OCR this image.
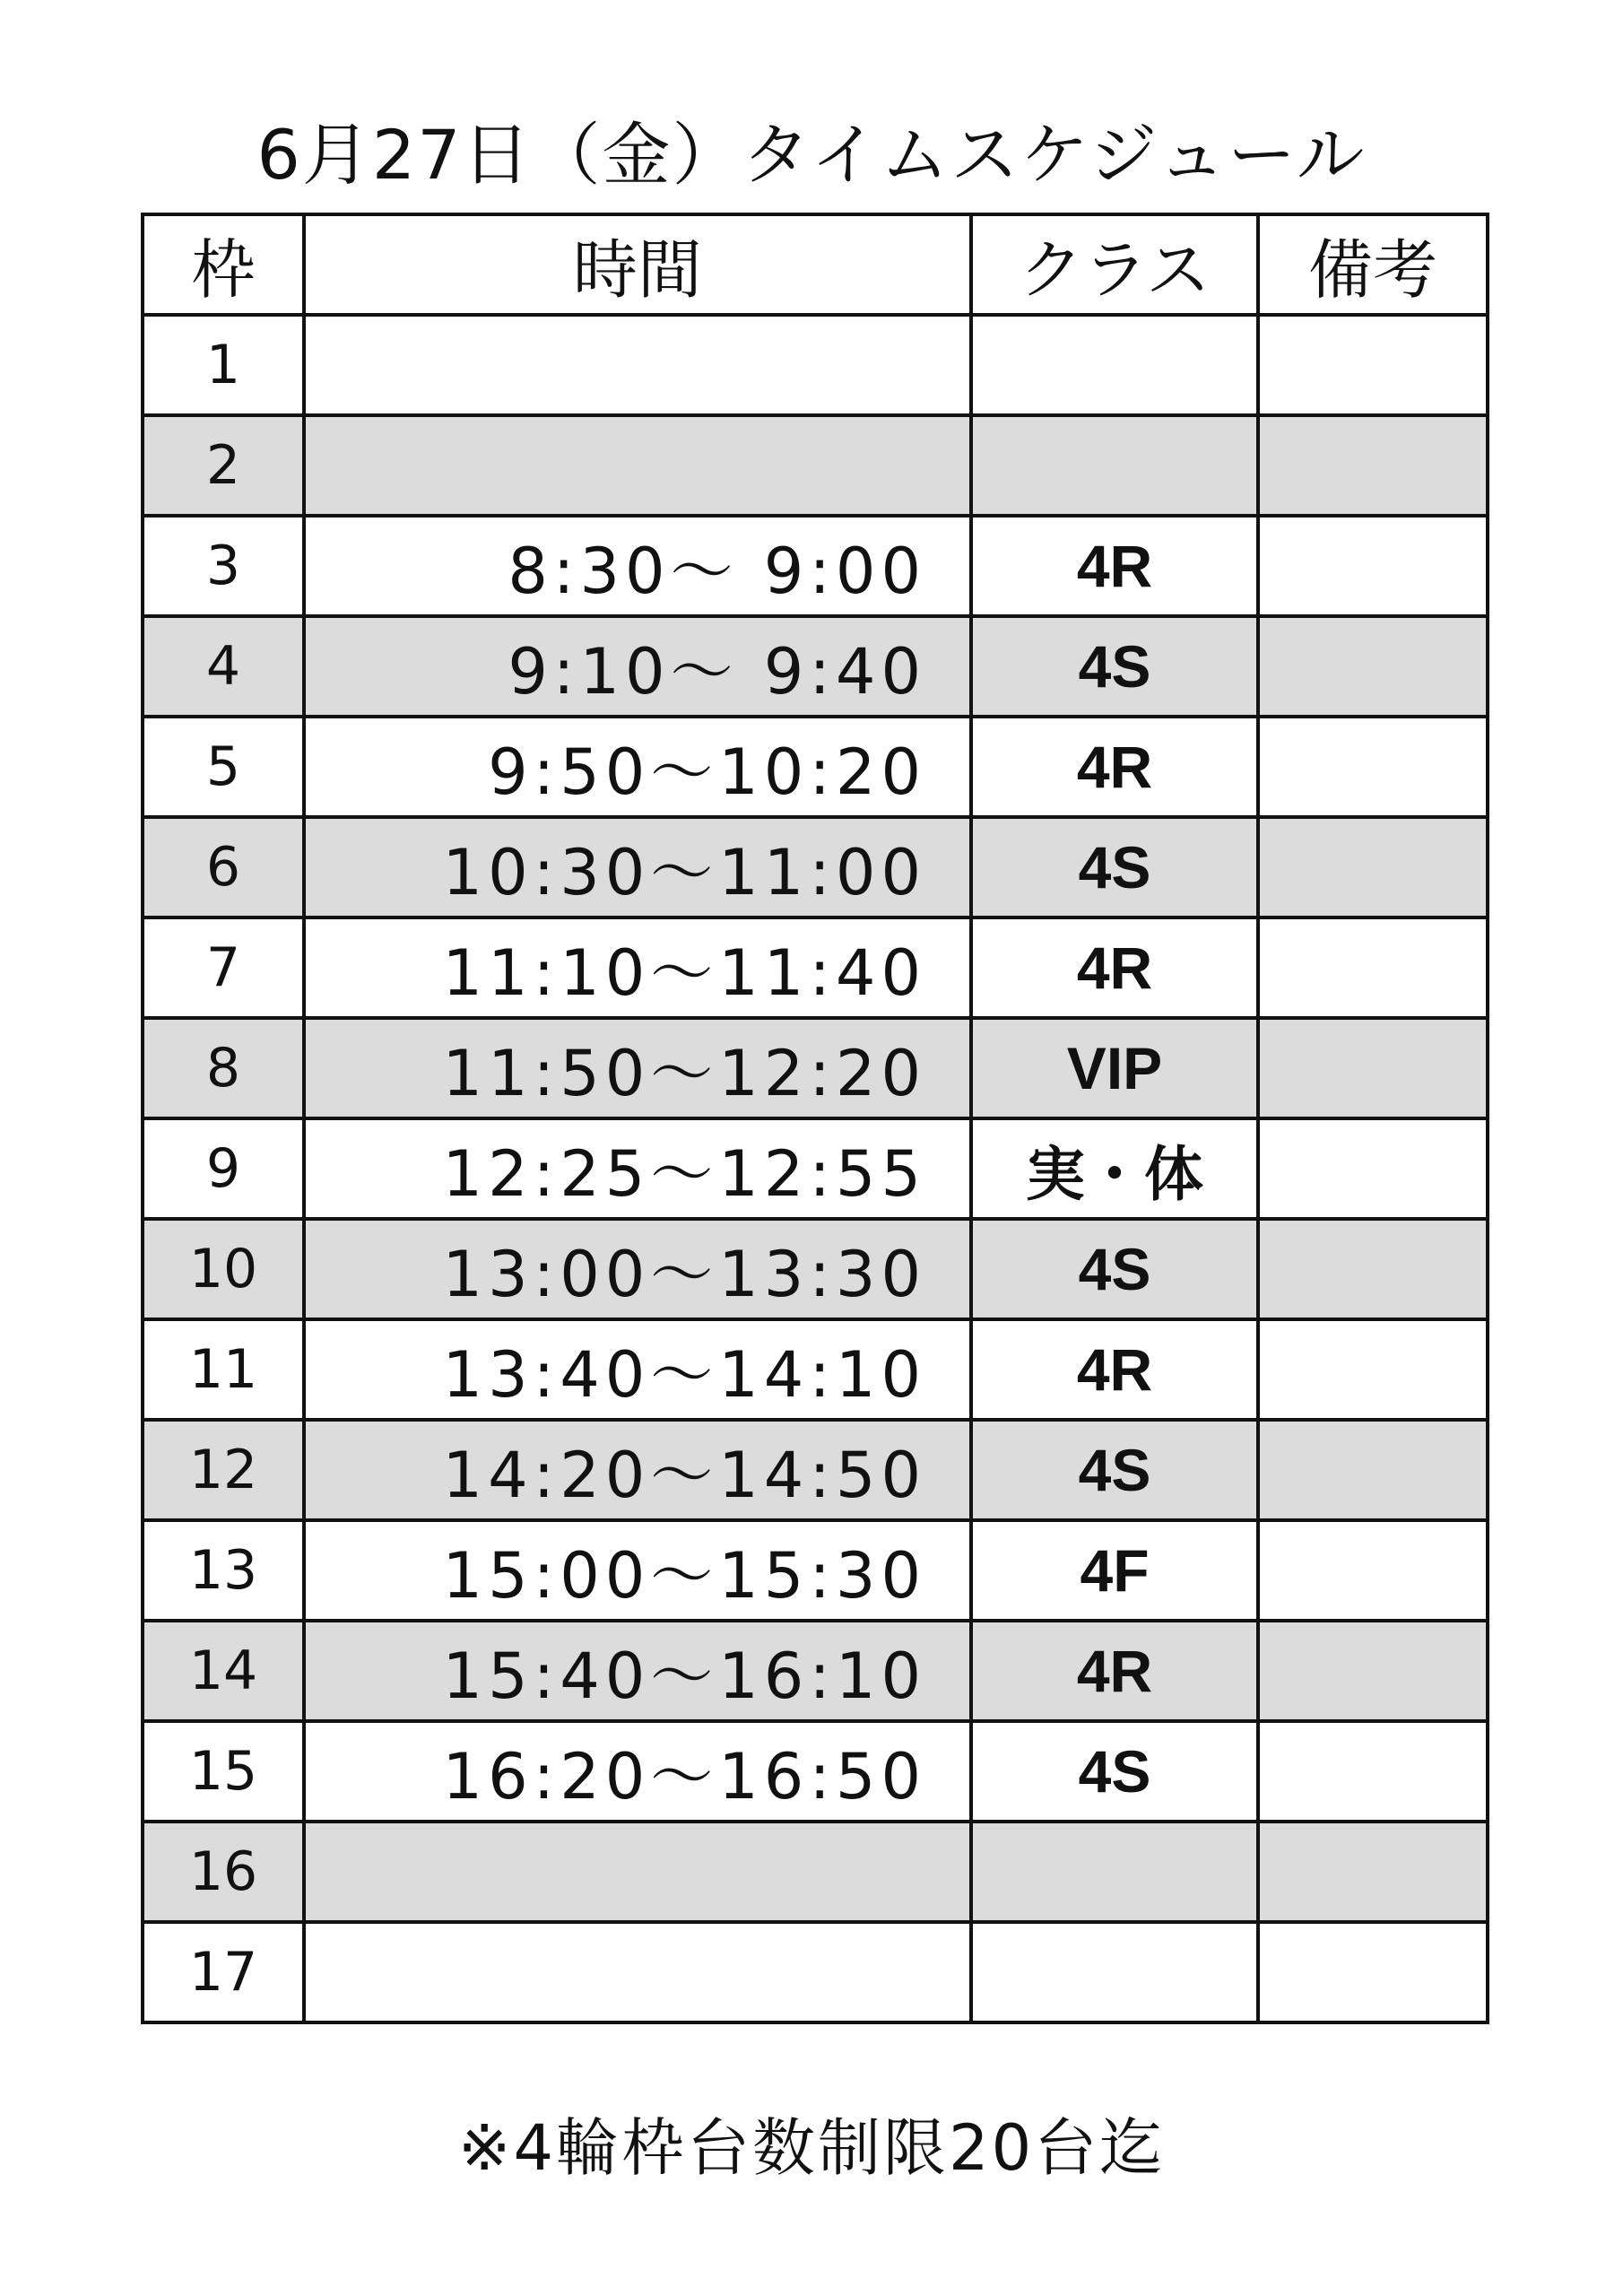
6月27日（金）タイムスケジュール
枠	時間	クラス	備考
1			
2			
3	8:30～ 9:00	4R	
4	9:10～ 9:40	4S	
5	9:50～10:20	4R	
6	10:30～11:00	4S	
7	11:10～11:40	4R	
8	11:50～12:20	VIP	
9	12:25～12:55	実・体	
10	13:00～13:30	4S	
11	13:40～14:10	4R	
12	14:20～14:50	4S	
13	15:00～15:30	4F	
14	15:40～16:10	4R	
15	16:20～16:50	4S	
16			
17			
※4輪枠台数制限20台迄
